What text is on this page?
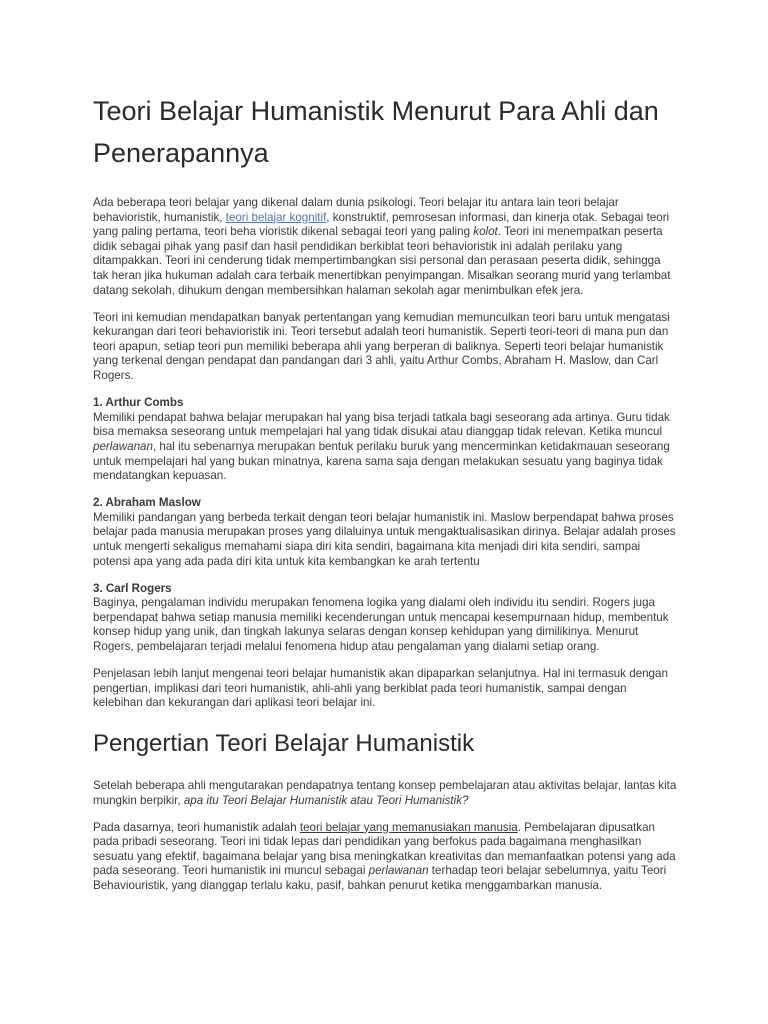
Teori Belajar Humanistik Menurut Para Ahli dan Penerapannya

Ada beberapa teori belajar yang dikenal dalam dunia psikologi. Teori belajar itu antara lain teori belajar behavioristik, humanistik, teori belajar kognitif, konstruktif, pemrosesan informasi, dan kinerja otak. Sebagai teori yang paling pertama, teori beha vioristik dikenal sebagai teori yang paling kolot. Teori ini menempatkan peserta didik sebagai pihak yang pasif dan hasil pendidikan berkiblat teori behavioristik ini adalah perilaku yang ditampakkan. Teori ini cenderung tidak mempertimbangkan sisi personal dan perasaan peserta didik, sehingga tak heran jika hukuman adalah cara terbaik menertibkan penyimpangan. Misalkan seorang murid yang terlambat datang sekolah, dihukum dengan membersihkan halaman sekolah agar menimbulkan efek jera.

Teori ini kemudian mendapatkan banyak pertentangan yang kemudian memunculkan teori baru untuk mengatasi kekurangan dari teori behavioristik ini. Teori tersebut adalah teori humanistik. Seperti teori-teori di mana pun dan teori apapun, setiap teori pun memiliki beberapa ahli yang berperan di baliknya. Seperti teori belajar humanistik yang terkenal dengan pendapat dan pandangan dari 3 ahli, yaitu Arthur Combs, Abraham H. Maslow, dan Carl Rogers.

1. Arthur Combs
Memiliki pendapat bahwa belajar merupakan hal yang bisa terjadi tatkala bagi seseorang ada artinya. Guru tidak bisa memaksa seseorang untuk mempelajari hal yang tidak disukai atau dianggap tidak relevan. Ketika muncul perlawanan, hal itu sebenarnya merupakan bentuk perilaku buruk yang mencerminkan ketidakmauan seseorang untuk mempelajari hal yang bukan minatnya, karena sama saja dengan melakukan sesuatu yang baginya tidak mendatangkan kepuasan.

2. Abraham Maslow
Memiliki pandangan yang berbeda terkait dengan teori belajar humanistik ini. Maslow berpendapat bahwa proses belajar pada manusia merupakan proses yang dilaluinya untuk mengaktualisasikan dirinya. Belajar adalah proses untuk mengerti sekaligus memahami siapa diri kita sendiri, bagaimana kita menjadi diri kita sendiri, sampai potensi apa yang ada pada diri kita untuk kita kembangkan ke arah tertentu

3. Carl Rogers
Baginya, pengalaman individu merupakan fenomena logika yang dialami oleh individu itu sendiri. Rogers juga berpendapat bahwa setiap manusia memiliki kecenderungan untuk mencapai kesempurnaan hidup, membentuk konsep hidup yang unik, dan tingkah lakunya selaras dengan konsep kehidupan yang dimilikinya. Menurut Rogers, pembelajaran terjadi melalui fenomena hidup atau pengalaman yang dialami setiap orang.

Penjelasan lebih lanjut mengenai teori belajar humanistik akan dipaparkan selanjutnya. Hal ini termasuk dengan pengertian, implikasi dari teori humanistik, ahli-ahli yang berkiblat pada teori humanistik, sampai dengan kelebihan dan kekurangan dari aplikasi teori belajar ini.

Pengertian Teori Belajar Humanistik

Setelah beberapa ahli mengutarakan pendapatnya tentang konsep pembelajaran atau aktivitas belajar, lantas kita mungkin berpikir, apa itu Teori Belajar Humanistik atau Teori Humanistik?

Pada dasarnya, teori humanistik adalah teori belajar yang memanusiakan manusia. Pembelajaran dipusatkan pada pribadi seseorang. Teori ini tidak lepas dari pendidikan yang berfokus pada bagaimana menghasilkan sesuatu yang efektif, bagaimana belajar yang bisa meningkatkan kreativitas dan memanfaatkan potensi yang ada pada seseorang. Teori humanistik ini muncul sebagai perlawanan terhadap teori belajar sebelumnya, yaitu Teori Behaviouristik, yang dianggap terlalu kaku, pasif, bahkan penurut ketika menggambarkan manusia.
